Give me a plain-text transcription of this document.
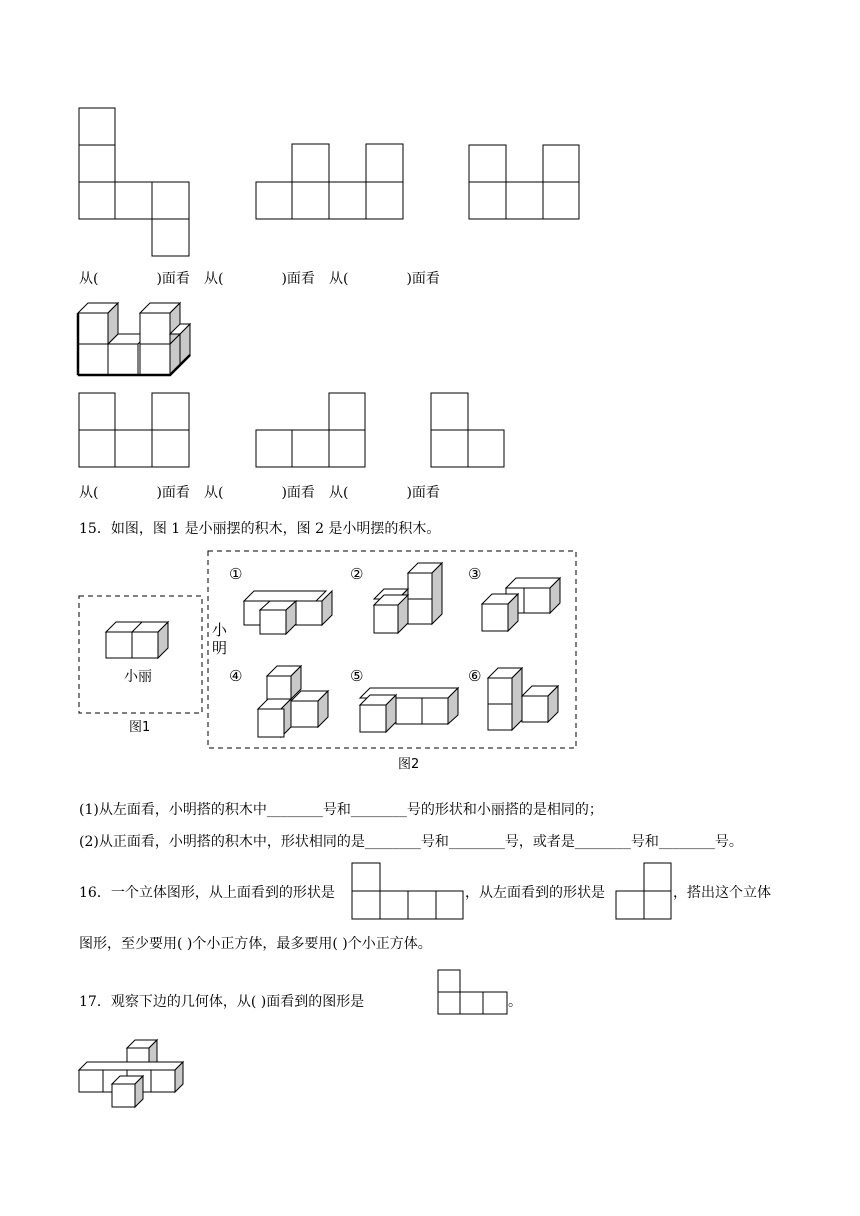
从(	)面看 从(	)面看 从(	)面看
从(	)面看 从(	)面看 从(	)面看
15．如图，图 1 是小丽摆的积木，图 2 是小明摆的积木。
小丽
图1
小
明
图2
①	②	③
④	⑤	⑥
(1)从左面看，小明搭的积木中________号和________号的形状和小丽搭的是相同的；
(2)从正面看，小明搭的积木中，形状相同的是________号和________号，或者是________号和________号。
16．一个立体图形，从上面看到的形状是	，从左面看到的形状是	，搭出这个立体
图形，至少要用( )个小正方体，最多要用( )个小正方体。
17．观察下边的几何体，从( )面看到的图形是	。
